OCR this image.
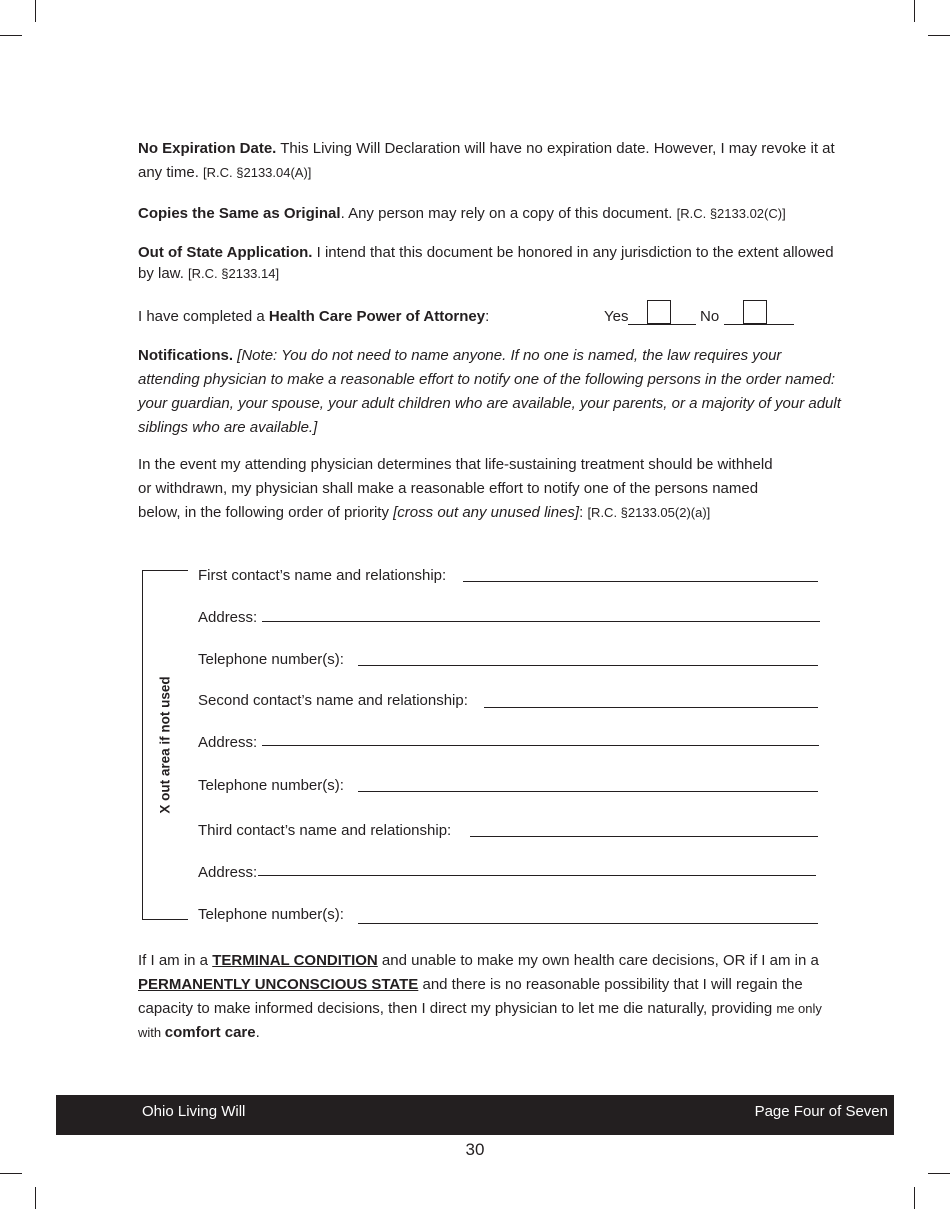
No Expiration Date. This Living Will Declaration will have no expiration date. However, I may revoke it at any time. [R.C. §2133.04(A)]

Copies the Same as Original. Any person may rely on a copy of this document. [R.C. §2133.02(C)]

Out of State Application. I intend that this document be honored in any jurisdiction to the extent allowed by law. [R.C. §2133.14]

I have completed a Health Care Power of Attorney:	Yes	No

Notifications. [Note: You do not need to name anyone. If no one is named, the law requires your attending physician to make a reasonable effort to notify one of the following persons in the order named: your guardian, your spouse, your adult children who are available, your parents, or a majority of your adult siblings who are available.]

In the event my attending physician determines that life-sustaining treatment should be withheld or withdrawn, my physician shall make a reasonable effort to notify one of the persons named below, in the following order of priority [cross out any unused lines]: [R.C. §2133.05(2)(a)]

X out area if not used
First contact’s name and relationship:
Address:
Telephone number(s):
Second contact’s name and relationship:
Address:
Telephone number(s):
Third contact’s name and relationship:
Address:
Telephone number(s):

If I am in a TERMINAL CONDITION and unable to make my own health care decisions, OR if I am in a PERMANENTLY UNCONSCIOUS STATE and there is no reasonable possibility that I will regain the capacity to make informed decisions, then I direct my physician to let me die naturally, providing me only with comfort care.

Ohio Living Will	Page Four of Seven
30
